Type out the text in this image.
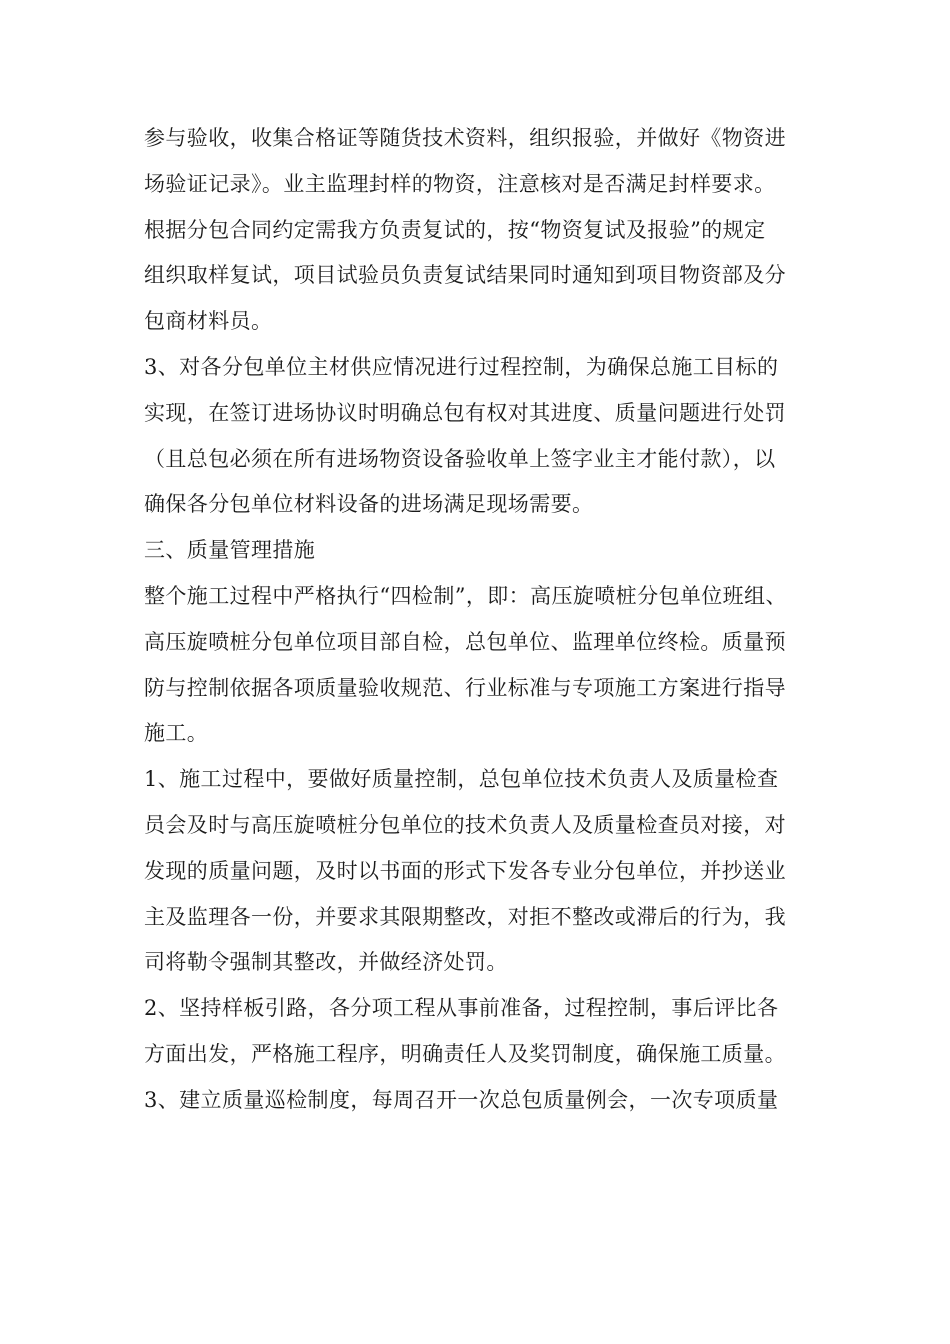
参与验收，收集合格证等随货技术资料，组织报验，并做好《物资进
场验证记录》。业主监理封样的物资，注意核对是否满足封样要求。
根据分包合同约定需我方负责复试的，按“物资复试及报验”的规定
组织取样复试，项目试验员负责复试结果同时通知到项目物资部及分
包商材料员。
3、对各分包单位主材供应情况进行过程控制，为确保总施工目标的
实现，在签订进场协议时明确总包有权对其进度、质量问题进行处罚
（且总包必须在所有进场物资设备验收单上签字业主才能付款），以
确保各分包单位材料设备的进场满足现场需要。
三、质量管理措施
整个施工过程中严格执行“四检制”，即：高压旋喷桩分包单位班组、
高压旋喷桩分包单位项目部自检，总包单位、监理单位终检。质量预
防与控制依据各项质量验收规范、行业标准与专项施工方案进行指导
施工。
1、施工过程中，要做好质量控制，总包单位技术负责人及质量检查
员会及时与高压旋喷桩分包单位的技术负责人及质量检查员对接，对
发现的质量问题，及时以书面的形式下发各专业分包单位，并抄送业
主及监理各一份，并要求其限期整改，对拒不整改或滞后的行为，我
司将勒令强制其整改，并做经济处罚。
2、坚持样板引路，各分项工程从事前准备，过程控制，事后评比各
方面出发，严格施工程序，明确责任人及奖罚制度，确保施工质量。
3、建立质量巡检制度，每周召开一次总包质量例会，一次专项质量
